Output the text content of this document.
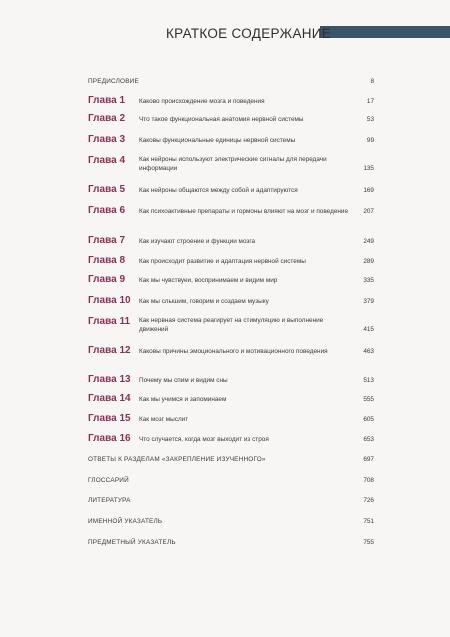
КРАТКОЕ СОДЕРЖАНИЕ
ПРЕДИСЛОВИЕ	8
Глава 1	Каково происхождение мозга и поведения	17
Глава 2	Что такое функциональная анатомия нервной системы	53
Глава 3	Каковы функциональные единицы нервной системы	99
Глава 4	Как нейроны используют электрические сигналы для передачи информации	135
Глава 5	Как нейроны общаются между собой и адаптируются	169
Глава 6	Как психоактивные препараты и гормоны влияют на мозг и поведение	207
Глава 7	Как изучают строение и функции мозга	249
Глава 8	Как происходит развитие и адаптация нервной системы	289
Глава 9	Как мы чувствуеи, воспринимаем и видим мир	335
Глава 10	Как мы слышим, говорим и создаем музыку	379
Глава 11	Как нервная система реагирует на стимуляцию и выполнение движений	415
Глава 12	Каковы причины эмоционального и мотивационного поведения	463
Глава 13	Почему мы спим и видим сны	513
Глава 14	Как мы учимся и запоминаем	555
Глава 15	Как мозг мыслит	605
Глава 16	Что случается, когда мозг выходит из строя	653
ОТВЕТЫ К РАЗДЕЛАМ «ЗАКРЕПЛЕНИЕ ИЗУЧЕННОГО»	697
ГЛОССАРИЙ	708
ЛИТЕРАТУРА	726
ИМЕННОЙ УКАЗАТЕЛЬ	751
ПРЕДМЕТНЫЙ УКАЗАТЕЛЬ	755
